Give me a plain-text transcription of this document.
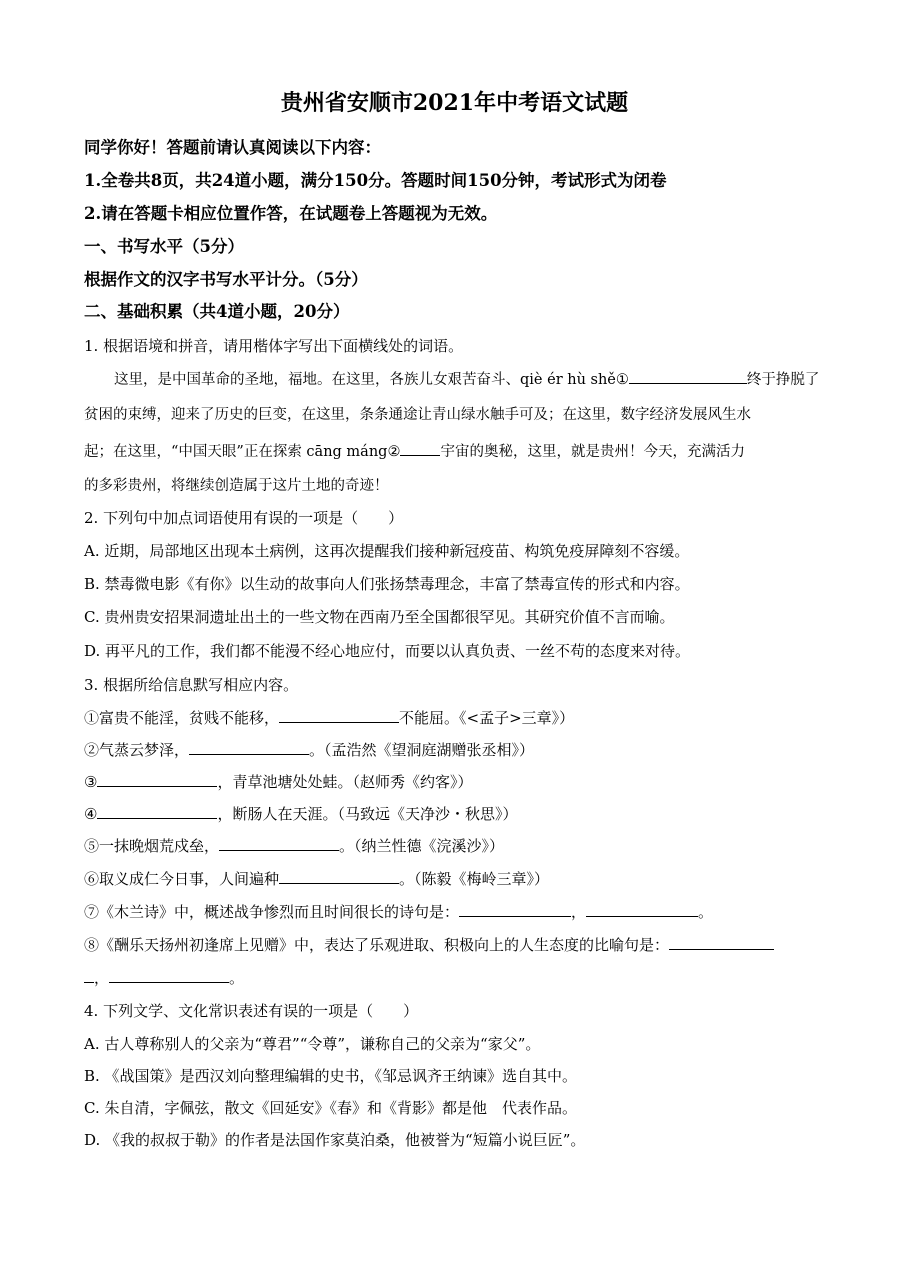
贵州省安顺市2021年中考语文试题
同学你好！答题前请认真阅读以下内容：
1.全卷共8页，共24道小题，满分150分。答题时间150分钟，考试形式为闭卷
2.请在答题卡相应位置作答，在试题卷上答题视为无效。
一、书写水平（5分）
根据作文的汉字书写水平计分。（5分）
二、基础积累（共4道小题，20分）
1. 根据语境和拼音，请用楷体字写出下面横线处的词语。
这里，是中国革命的圣地，福地。在这里，各族儿女艰苦奋斗、qiè ér hù shě①	终于挣脱了
贫困的束缚，迎来了历史的巨变，在这里，条条通途让青山绿水触手可及；在这里，数字经济发展风生水
起；在这里，“中国天眼”正在探索 cāng máng②	宇宙的奥秘，这里，就是贵州！今天，充满活力
的多彩贵州，将继续创造属于这片土地的奇迹！
2. 下列句中加点词语使用有误的一项是（　　）
A. 近期，局部地区出现本土病例，这再次提醒我们接种新冠疫苗、构筑免疫屏障刻不容缓。
B. 禁毒微电影《有你》以生动的故事向人们张扬禁毒理念，丰富了禁毒宣传的形式和内容。
C. 贵州贵安招果洞遗址出土的一些文物在西南乃至全国都很罕见。其研究价值不言而喻。
D. 再平凡的工作，我们都不能漫不经心地应付，而要以认真负责、一丝不苟的态度来对待。
3. 根据所给信息默写相应内容。
①富贵不能淫，贫贱不能移，	不能屈。《<孟子>三章》）
②气蒸云梦泽，	。（孟浩然《望洞庭湖赠张丞相》）
③	，青草池塘处处蛙。（赵师秀《约客》）
④	，断肠人在天涯。（马致远《天净沙・秋思》）
⑤一抹晚烟荒戍垒，	。（纳兰性德《浣溪沙》）
⑥取义成仁今日事，人间遍种	。（陈毅《梅岭三章》）
⑦《木兰诗》中，概述战争惨烈而且时间很长的诗句是：	，	。
⑧《酬乐天扬州初逢席上见赠》中，表达了乐观进取、积极向上的人生态度的比喻句是：
，	。
4. 下列文学、文化常识表述有误的一项是（　　）
A. 古人尊称别人的父亲为“尊君”“令尊”，谦称自己的父亲为“家父”。
B. 《战国策》是西汉刘向整理编辑的史书，《邹忌讽齐王纳谏》选自其中。
C. 朱自清，字佩弦，散文《回延安》《春》和《背影》都是他　代表作品。
D. 《我的叔叔于勒》的作者是法国作家莫泊桑，他被誉为“短篇小说巨匠”。
